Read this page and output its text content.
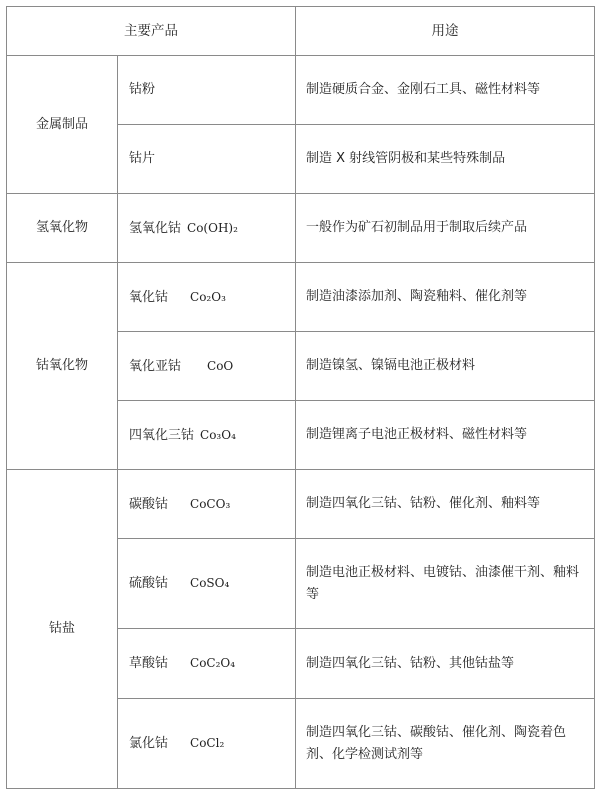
主要产品		用途
金属制品	钴粉	制造硬质合金、金刚石工具、磁性材料等
	钴片	制造 X 射线管阴极和某些特殊制品
氢氧化物	氢氧化钴 Co(OH)₂	一般作为矿石初制品用于制取后续产品
钴氧化物	氧化钴 Co₂O₃	制造油漆添加剂、陶瓷釉料、催化剂等
	氧化亚钴 CoO	制造镍氢、镍镉电池正极材料
	四氧化三钴 Co₃O₄	制造锂离子电池正极材料、磁性材料等
钴盐	碳酸钴 CoCO₃	制造四氧化三钴、钴粉、催化剂、釉料等
	硫酸钴 CoSO₄	制造电池正极材料、电镀钴、油漆催干剂、釉料等
	草酸钴 CoC₂O₄	制造四氧化三钴、钴粉、其他钴盐等
	氯化钴 CoCl₂	制造四氧化三钴、碳酸钴、催化剂、陶瓷着色剂、化学检测试剂等
